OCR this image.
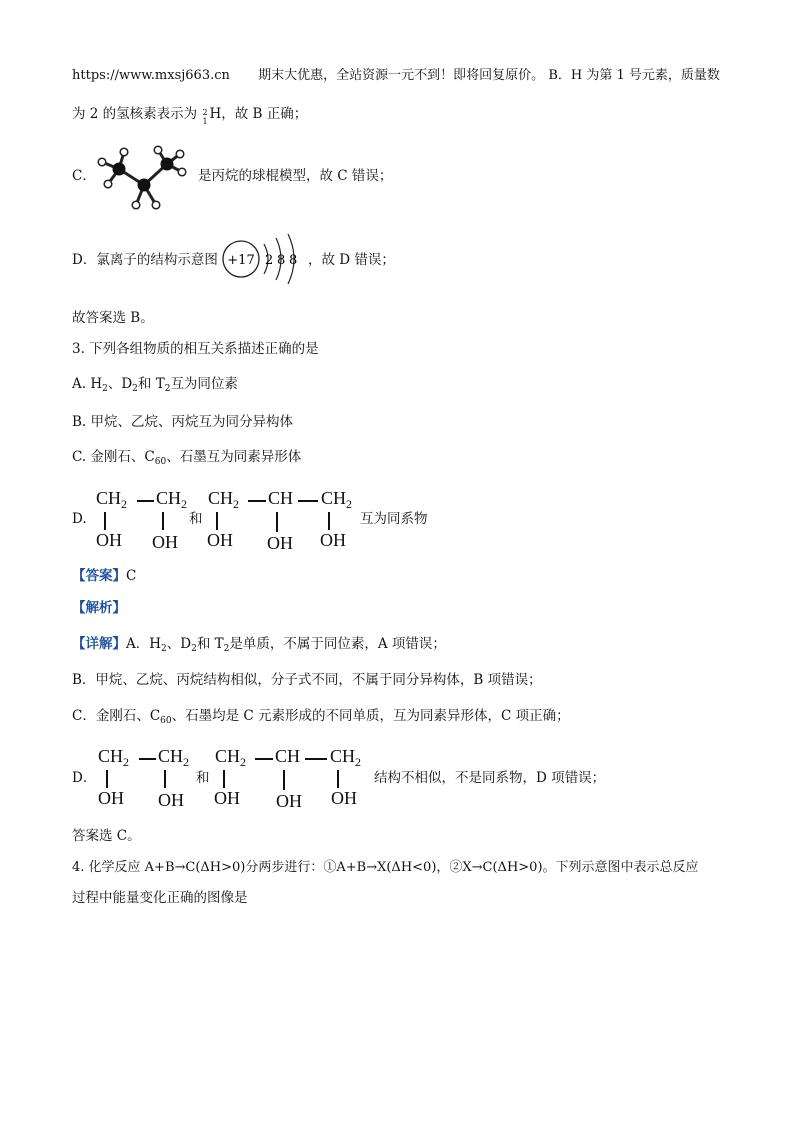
https://www.mxsj663.cn 期末大优惠，全站资源一元不到！即将回复原价。 B．H 为第 1 号元素，质量数
为 2 的氢核素表示为 2
1 H，故 B 正确；
C．	是丙烷的球棍模型，故 C 错误；
D．氯离子的结构示意图 +17 2 8 8 ，故 D 错误；
故答案选 B。
3. 下列各组物质的相互关系描述正确的是
A. $H_2$、$D_2$和 $T_2$互为同位素
B. 甲烷、乙烷、丙烷互为同分异构体
C. 金刚石、$C_{60}$、石墨互为同素异形体
D.
$CH_2$ $CH_2$
OH OH
$CH_2$ CH $CH_2$
OH OH OH
和	互为同系物
【答案】C
【解析】
【详解】A．$H_2$、$D_2$和 $T_2$是单质，不属于同位素，A 项错误；
B．甲烷、乙烷、丙烷结构相似，分子式不同，不属于同分异构体，B 项错误；
C．金刚石、$C_{60}$、石墨均是 C 元素形成的不同单质，互为同素异形体，C 项正确；
D．
$CH_2$ $CH_2$
OH OH
$CH_2$ CH $CH_2$
OH OH OH
和	结构不相似，不是同系物，D 项错误；
答案选 C。
4. 化学反应 A+B→C(ΔH>0)分两步进行：①A+B→X(ΔH<0)，②X→C(ΔH>0)。下列示意图中表示总反应
过程中能量变化正确的图像是
